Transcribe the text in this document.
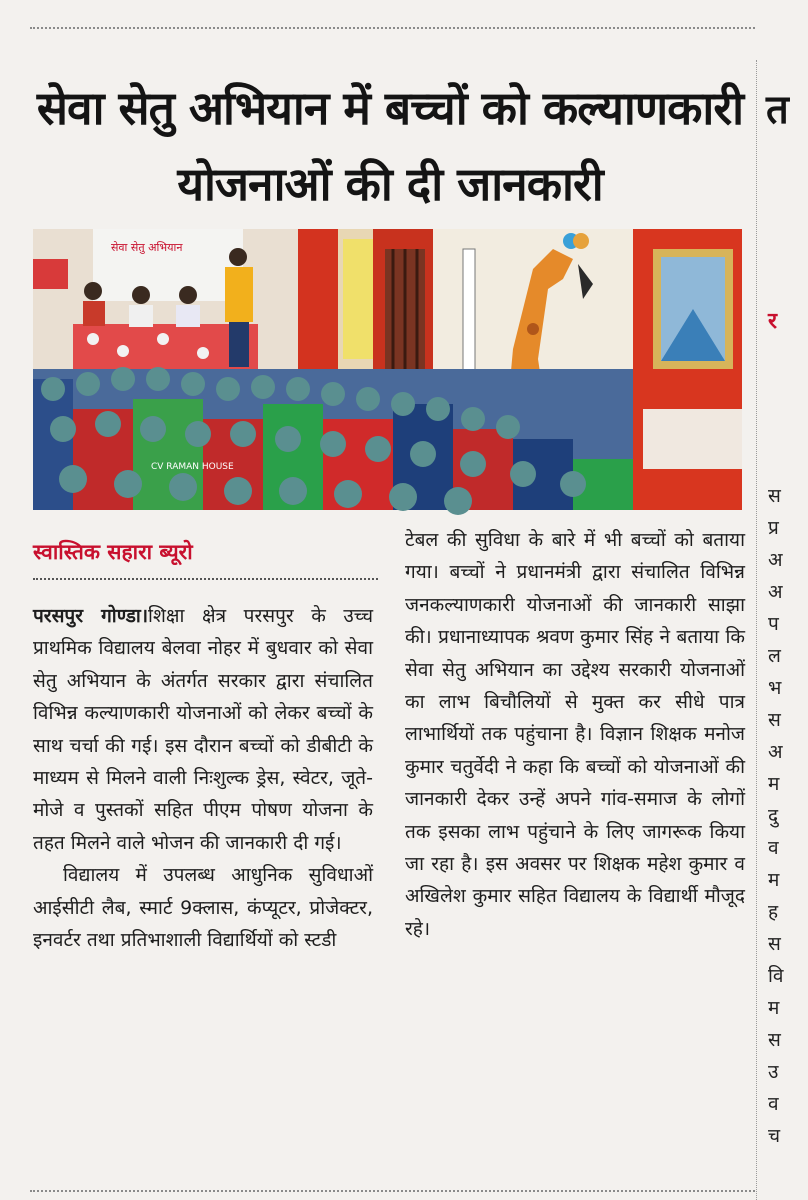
सेवा सेतु अभियान में बच्चों को कल्याणकारी
योजनाओं की दी जानकारी
सेवा सेतु अभियान
CV RAMAN HOUSE
स्वास्तिक सहारा ब्यूरो

परसपुर गोण्डा।शिक्षा क्षेत्र परसपुर के उच्च प्राथमिक विद्यालय बेलवा नोहर में बुधवार को सेवा सेतु अभियान के अंतर्गत सरकार द्वारा संचालित विभिन्न कल्याणकारी योजनाओं को लेकर बच्चों के साथ चर्चा की गई। इस दौरान बच्चों को डीबीटी के माध्यम से मिलने वाली निःशुल्क ड्रेस, स्वेटर, जूते-मोजे व पुस्तकों सहित पीएम पोषण योजना के तहत मिलने वाले भोजन की जानकारी दी गई।

विद्यालय में उपलब्ध आधुनिक सुविधाओं आईसीटी लैब, स्मार्ट 9क्लास, कंप्यूटर, प्रोजेक्टर, इनवर्टर तथा प्रतिभाशाली विद्यार्थियों को स्टडी

टेबल की सुविधा के बारे में भी बच्चों को बताया गया। बच्चों ने प्रधानमंत्री द्वारा संचालित विभिन्न जनकल्याणकारी योजनाओं की जानकारी साझा की। प्रधानाध्यापक श्रवण कुमार सिंह ने बताया कि सेवा सेतु अभियान का उद्देश्य सरकारी योजनाओं का लाभ बिचौलियों से मुक्त कर सीधे पात्र लाभार्थियों तक पहुंचाना है। विज्ञान शिक्षक मनोज कुमार चतुर्वेदी ने कहा कि बच्चों को योजनाओं की जानकारी देकर उन्हें अपने गांव-समाज के लोगों तक इसका लाभ पहुंचाने के लिए जागरूक किया जा रहा है। इस अवसर पर शिक्षक महेश कुमार व अखिलेश कुमार सहित विद्यालय के विद्यार्थी मौजूद रहे।

त
र
स
प्र
अ
अ
प
ल
भ
स
अ
म
दु
व
म
ह
स
वि
म
स
उ
व
च
